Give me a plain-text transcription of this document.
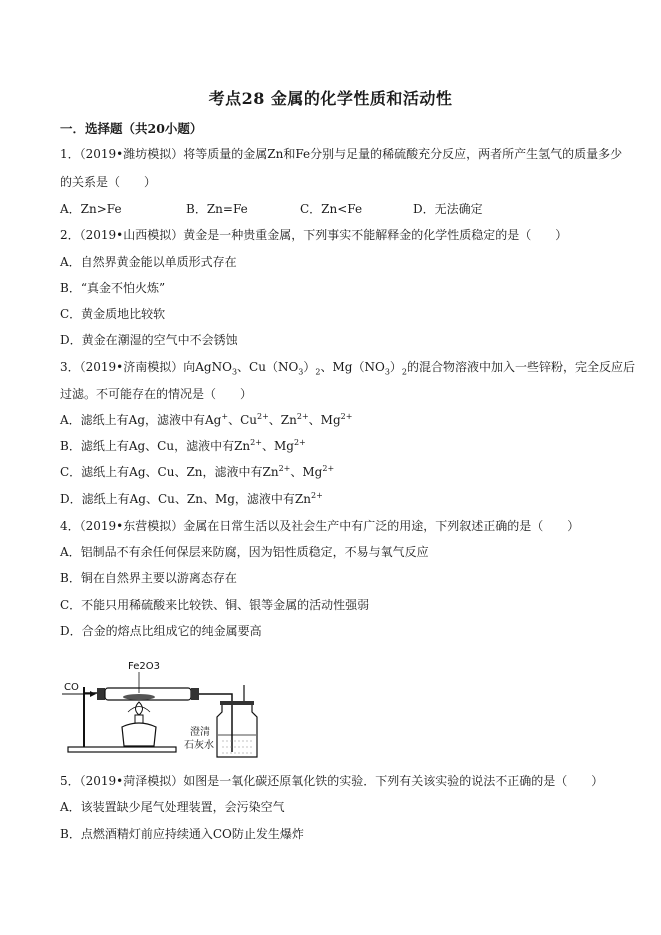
考点28 金属的化学性质和活动性
一．选择题（共20小题）
1．（2019•潍坊模拟）将等质量的金属Zn和Fe分别与足量的稀硫酸充分反应，两者所产生氢气的质量多少
的关系是（　　）
A．Zn>Fe	B．Zn=Fe	C．Zn<Fe	D．无法确定
2．（2019•山西模拟）黄金是一种贵重金属，下列事实不能解释金的化学性质稳定的是（　　）
A．自然界黄金能以单质形式存在
B．“真金不怕火炼”
C．黄金质地比较软
D．黄金在潮湿的空气中不会锈蚀
3．（2019•济南模拟）向AgNO$_3$、$Cu(NO_3)_2$、$Mg(NO_3)_2$的混合物溶液中加入一些锌粉，完全反应后
过滤。不可能存在的情况是（　　）
A．滤纸上有Ag，滤液中有Ag+、$Cu^{2+}$、$Zn^{2+}$、$Mg^{2+}$
B．滤纸上有Ag、Cu，滤液中有$Zn^{2+}$、$Mg^{2+}$
C．滤纸上有Ag、Cu、Zn，滤液中有$Zn^{2+}$、$Mg^{2+}$
D．滤纸上有Ag、Cu、Zn、Mg，滤液中有$Zn^{2+}$
4．（2019•东营模拟）金属在日常生活以及社会生产中有广泛的用途，下列叙述正确的是（　　）
A．铝制品不有余任何保层来防腐，因为铝性质稳定，不易与氧气反应
B．铜在自然界主要以游离态存在
C．不能只用稀硫酸来比较铁、铜、银等金属的活动性强弱
D．合金的熔点比组成它的纯金属要高
CO
Fe2O3
澄清
石灰水
5．（2019•菏泽模拟）如图是一氧化碳还原氧化铁的实验．下列有关该实验的说法不正确的是（　　）
A．该装置缺少尾气处理装置，会污染空气
B．点燃酒精灯前应持续通入CO防止发生爆炸
